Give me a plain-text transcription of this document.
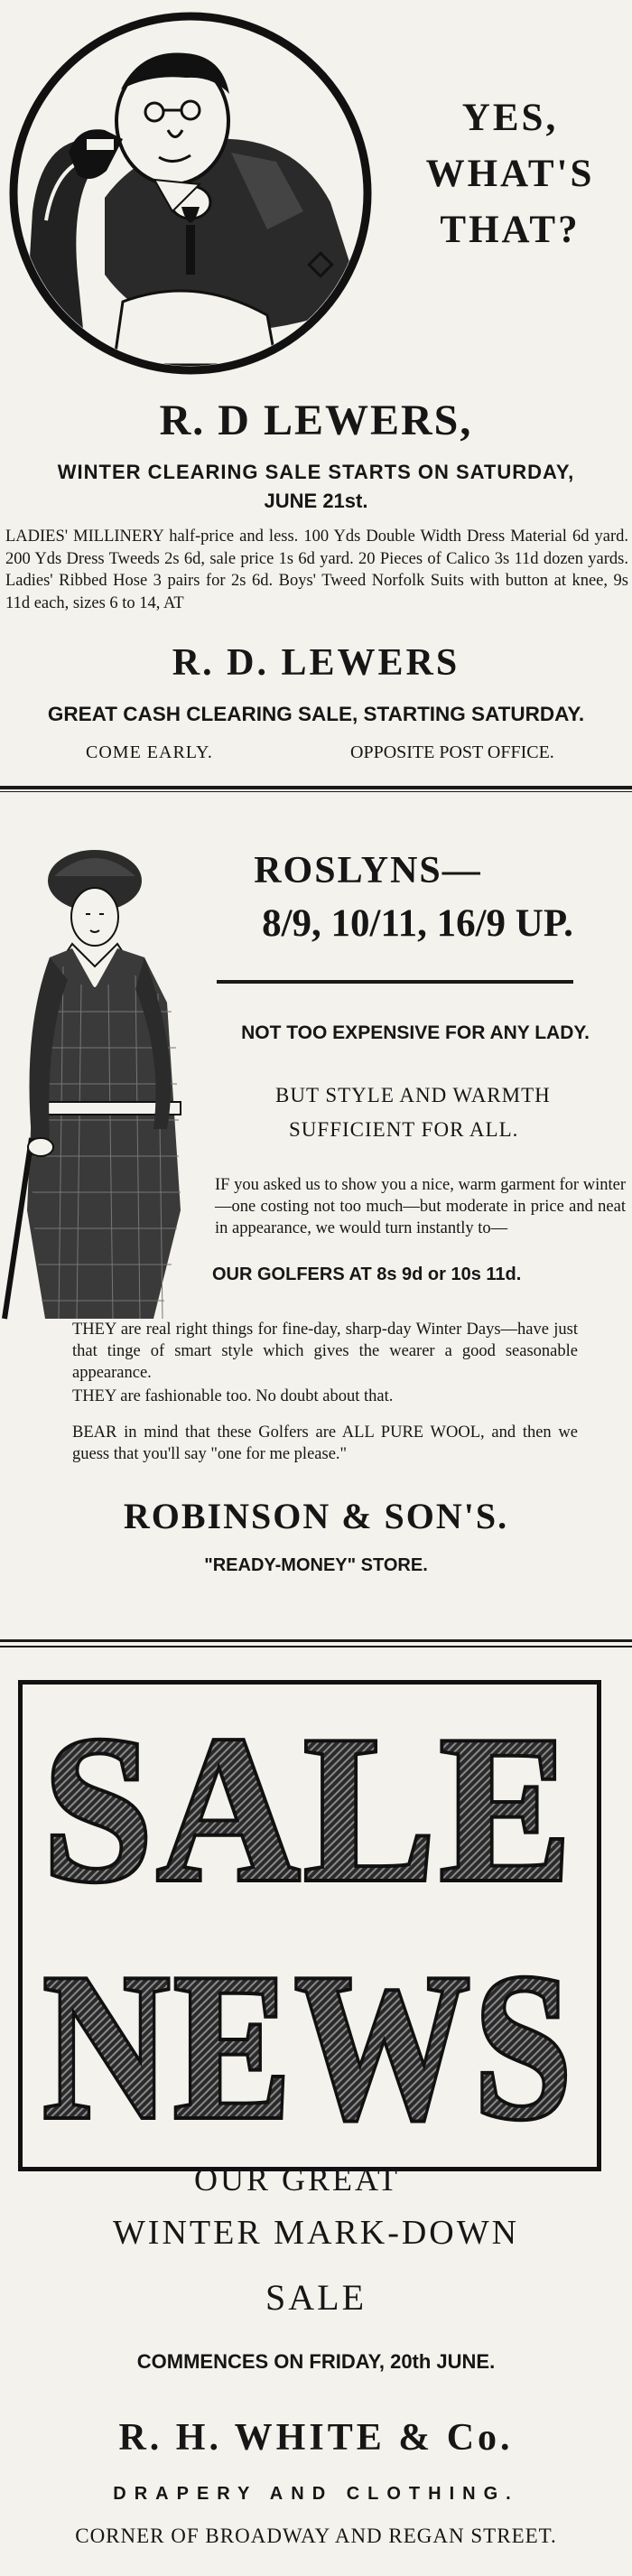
YES,
WHAT'S
THAT?
R. D LEWERS,
WINTER CLEARING SALE STARTS ON SATURDAY,
JUNE 21st.

LADIES' MILLINERY half-price and less. 100 Yds Double Width Dress Material 6d yard. 200 Yds Dress Tweeds 2s 6d, sale price 1s 6d yard. 20 Pieces of Calico 3s 11d dozen yards. Ladies' Ribbed Hose 3 pairs for 2s 6d. Boys' Tweed Norfolk Suits with button at knee, 9s 11d each, sizes 6 to 14, AT

R. D. LEWERS
GREAT CASH CLEARING SALE, STARTING SATURDAY.
COME EARLY.	OPPOSITE POST OFFICE.
ROSLYNS—
8/9, 10/11, 16/9 UP.
NOT TOO EXPENSIVE FOR ANY LADY.
BUT STYLE AND WARMTH
SUFFICIENT FOR ALL.

IF you asked us to show you a nice, warm garment for winter—one costing not too much—but moderate in price and neat in appearance, we would turn instantly to—

OUR GOLFERS AT 8s 9d or 10s 11d.

THEY are real right things for fine-day, sharp-day Winter Days—have just that tinge of smart style which gives the wearer a good seasonable appearance.

THEY are fashionable too. No doubt about that.

BEAR in mind that these Golfers are ALL PURE WOOL, and then we guess that you'll say "one for me please."

ROBINSON & SON'S.
"READY-MONEY" STORE.
SALE
NEWS
OUR GREAT
WINTER MARK-DOWN
SALE
COMMENCES ON FRIDAY, 20th JUNE.
R. H. WHITE & Co.
DRAPERY AND CLOTHING.
CORNER OF BROADWAY AND REGAN STREET.
